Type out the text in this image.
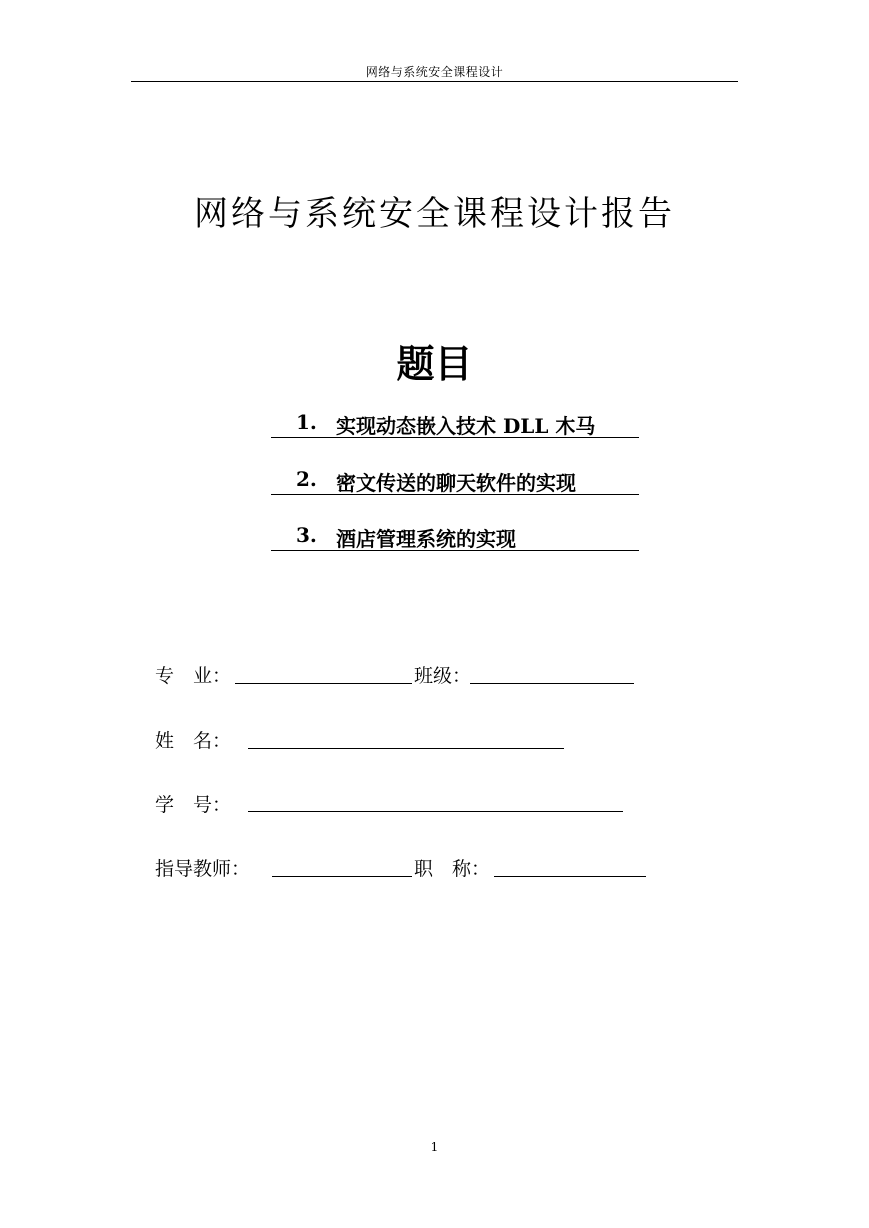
网络与系统安全课程设计
网络与系统安全课程设计报告
题目
1. 实现动态嵌入技术 DLL 木马
2. 密文传送的聊天软件的实现
3. 酒店管理系统的实现
专　业：	班级：
姓　名：
学　号：
指导教师：	职　称：
1
